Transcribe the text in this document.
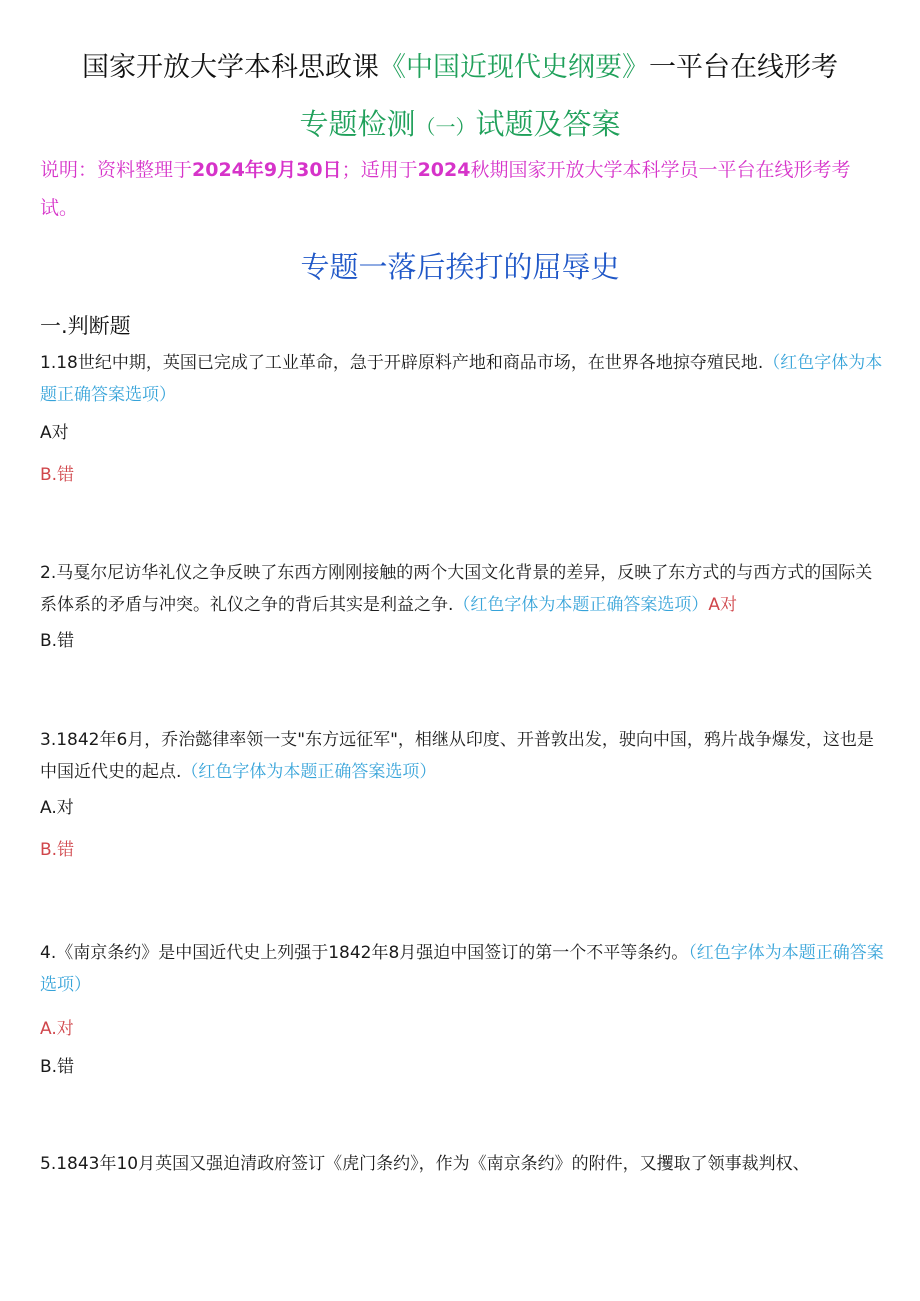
国家开放大学本科思政课《中国近现代史纲要》一平台在线形考
专题检测（一）试题及答案
说明：资料整理于2024年9月30日；适用于2024秋期国家开放大学本科学员一平台在线形考考试。
专题一落后挨打的屈辱史
一.判断题
1.18世纪中期，英国已完成了工业革命，急于开辟原料产地和商品市场，在世界各地掠夺殖民地.（红色字体为本题正确答案选项）
A对
B.错
2.马戛尔尼访华礼仪之争反映了东西方刚刚接触的两个大国文化背景的差异，反映了东方式的与西方式的国际关系体系的矛盾与冲突。礼仪之争的背后其实是利益之争.（红色字体为本题正确答案选项）A对
B.错
3.1842年6月，乔治懿律率领一支"东方远征军"，相继从印度、开普敦出发，驶向中国，鸦片战争爆发，这也是中国近代史的起点.（红色字体为本题正确答案选项）
A.对
B.错
4.《南京条约》是中国近代史上列强于1842年8月强迫中国签订的第一个不平等条约。（红色字体为本题正确答案选项）
A.对
B.错
5.1843年10月英国又强迫清政府签订《虎门条约》，作为《南京条约》的附件，又攫取了领事裁判权、
